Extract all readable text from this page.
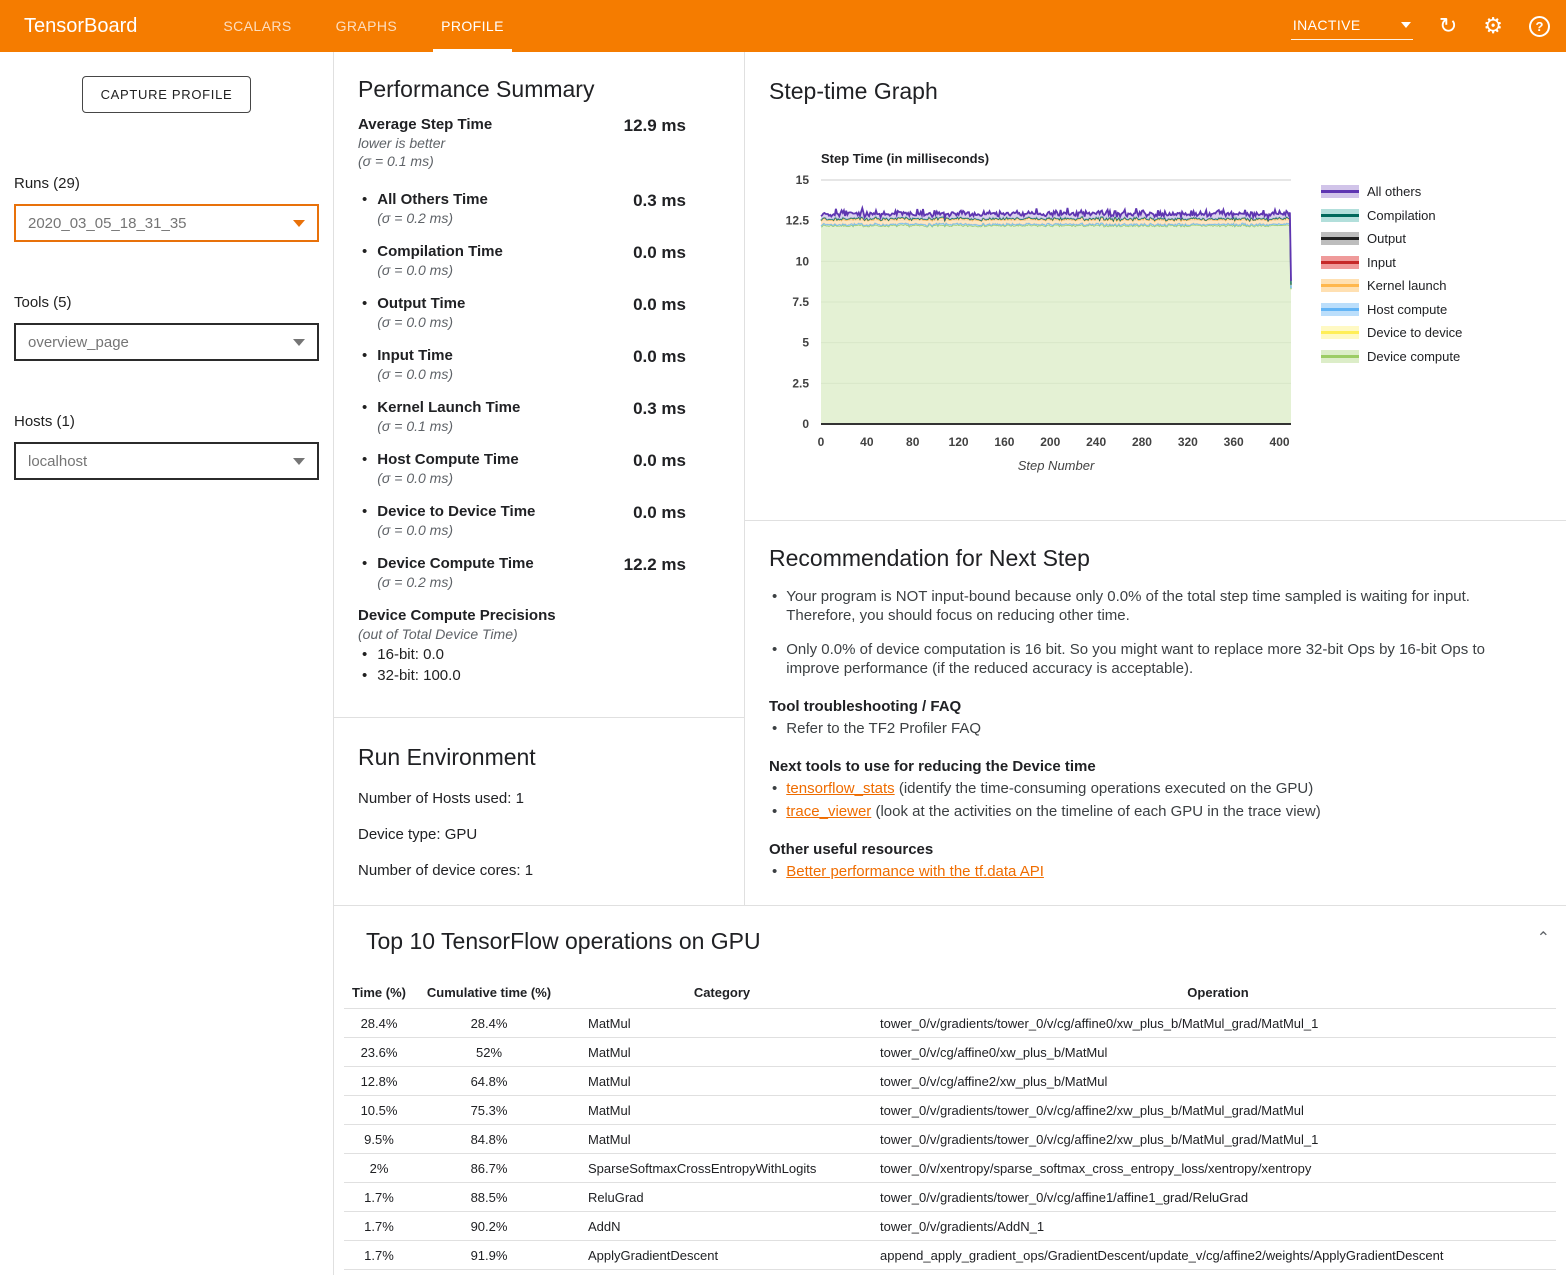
TensorBoard	SCALARS	GRAPHS	PROFILE	INACTIVE	↻ ⚙	?
CAPTURE PROFILE
Runs (29)
2020_03_05_18_31_35
Tools (5)
overview_page
Hosts (1)
localhost
Performance Summary
Average Step Time
lower is better
(σ = 0.1 ms)
12.9 ms
• All Others Time
(σ = 0.2 ms)
0.3 ms
• Compilation Time
(σ = 0.0 ms)
0.0 ms
• Output Time
(σ = 0.0 ms)
0.0 ms
• Input Time
(σ = 0.0 ms)
0.0 ms
• Kernel Launch Time
(σ = 0.1 ms)
0.3 ms
• Host Compute Time
(σ = 0.0 ms)
0.0 ms
• Device to Device Time
(σ = 0.0 ms)
0.0 ms
• Device Compute Time
(σ = 0.2 ms)
12.2 ms
Device Compute Precisions
(out of Total Device Time)
• 16-bit: 0.0
• 32-bit: 100.0
Run Environment
Number of Hosts used: 1
Device type: GPU
Number of device cores: 1
Step-time Graph
Step Time (in milliseconds)
0
2.5
5
7.5
10
12.5
15
0	40	80 120 160 200 240 280 320 360 400
All others
Compilation
Output
Input
Kernel launch
Host compute
Device to device
Device compute
Step Number
Recommendation for Next Step
• Your program is NOT input-bound because only 0.0% of the total step time sampled is waiting for input. Therefore, you should focus on reducing other time.
• Only 0.0% of device computation is 16 bit. So you might want to replace more 32-bit Ops by 16-bit Ops to improve performance (if the reduced accuracy is acceptable).
Tool troubleshooting / FAQ
• Refer to the TF2 Profiler FAQ
Next tools to use for reducing the Device time
• tensorflow_stats (identify the time-consuming operations executed on the GPU)
• trace_viewer (look at the activities on the timeline of each GPU in the trace view)
Other useful resources
• Better performance with the tf.data API
Top 10 TensorFlow operations on GPU	⌃
Time (%)	Cumulative time (%)	Category	Operation
28.4%	28.4%	MatMul	tower_0/v/gradients/tower_0/v/cg/affine0/xw_plus_b/MatMul_grad/MatMul_1
23.6%	52%	MatMul	tower_0/v/cg/affine0/xw_plus_b/MatMul
12.8%	64.8%	MatMul	tower_0/v/cg/affine2/xw_plus_b/MatMul
10.5%	75.3%	MatMul	tower_0/v/gradients/tower_0/v/cg/affine2/xw_plus_b/MatMul_grad/MatMul
9.5%	84.8%	MatMul	tower_0/v/gradients/tower_0/v/cg/affine2/xw_plus_b/MatMul_grad/MatMul_1
2%	86.7%	SparseSoftmaxCrossEntropyWithLogits	tower_0/v/xentropy/sparse_softmax_cross_entropy_loss/xentropy/xentropy
1.7%	88.5%	ReluGrad	tower_0/v/gradients/tower_0/v/cg/affine1/affine1_grad/ReluGrad
1.7%	90.2%	AddN	tower_0/v/gradients/AddN_1
1.7%	91.9%	ApplyGradientDescent	append_apply_gradient_ops/GradientDescent/update_v/cg/affine2/weights/ApplyGradientDescent
